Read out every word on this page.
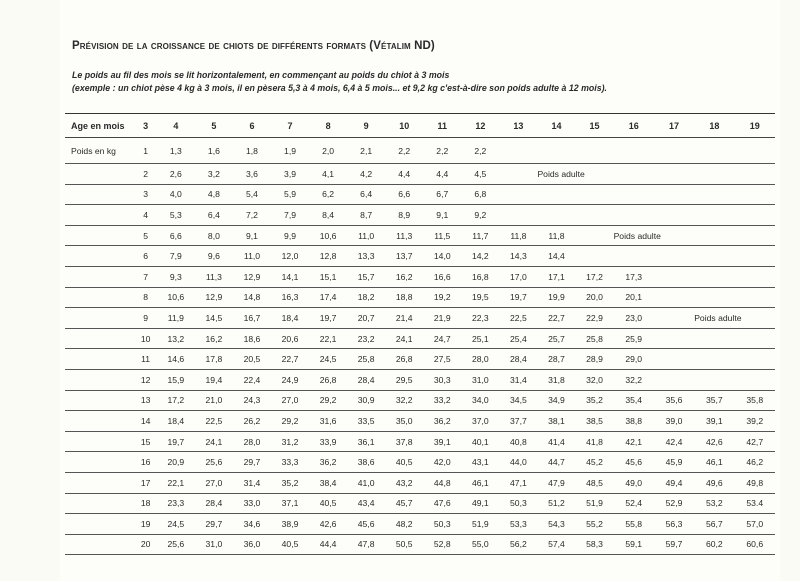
Prévision de la croissance de chiots de différents formats (Vétalim ND)
Le poids au fil des mois se lit horizontalement, en commençant au poids du chiot à 3 mois
(exemple : un chiot pèse 4 kg à 3 mois, il en pèsera 5,3 à 4 mois, 6,4 à 5 mois... et 9,2 kg c'est-à-dire son poids adulte à 12 mois).
Age en mois	3	4	5	6	7	8	9	10	11	12	13	14	15	16	17	18	19
Poids en kg	1	1,3	1,6	1,8	1,9	2,0	2,1	2,2	2,2	2,2							
	2	2,6	3,2	3,6	3,9	4,1	4,2	4,4	4,4	4,5		Poids adulte					
	3	4,0	4,8	5,4	5,9	6,2	6,4	6,6	6,7	6,8							
	4	5,3	6,4	7,2	7,9	8,4	8,7	8,9	9,1	9,2							
	5	6,6	8,0	9,1	9,9	10,6	11,0	11,3	11,5	11,7	11,8	11,8		Poids adulte			
	6	7,9	9,6	11,0	12,0	12,8	13,3	13,7	14,0	14,2	14,3	14,4					
	7	9,3	11,3	12,9	14,1	15,1	15,7	16,2	16,6	16,8	17,0	17,1	17,2	17,3			
	8	10,6	12,9	14,8	16,3	17,4	18,2	18,8	19,2	19,5	19,7	19,9	20,0	20,1			
	9	11,9	14,5	16,7	18,4	19,7	20,7	21,4	21,9	22,3	22,5	22,7	22,9	23,0		Poids adulte	
	10	13,2	16,2	18,6	20,6	22,1	23,2	24,1	24,7	25,1	25,4	25,7	25,8	25,9			
	11	14,6	17,8	20,5	22,7	24,5	25,8	26,8	27,5	28,0	28,4	28,7	28,9	29,0			
	12	15,9	19,4	22,4	24,9	26,8	28,4	29,5	30,3	31,0	31,4	31,8	32,0	32,2			
	13	17,2	21,0	24,3	27,0	29,2	30,9	32,2	33,2	34,0	34,5	34,9	35,2	35,4	35,6	35,7	35,8
	14	18,4	22,5	26,2	29,2	31,6	33,5	35,0	36,2	37,0	37,7	38,1	38,5	38,8	39,0	39,1	39,2
	15	19,7	24,1	28,0	31,2	33,9	36,1	37,8	39,1	40,1	40,8	41,4	41,8	42,1	42,4	42,6	42,7
	16	20,9	25,6	29,7	33,3	36,2	38,6	40,5	42,0	43,1	44,0	44,7	45,2	45,6	45,9	46,1	46,2
	17	22,1	27,0	31,4	35,2	38,4	41,0	43,2	44,8	46,1	47,1	47,9	48,5	49,0	49,4	49,6	49,8
	18	23,3	28,4	33,0	37,1	40,5	43,4	45,7	47,6	49,1	50,3	51,2	51,9	52,4	52,9	53,2	53.4
	19	24,5	29,7	34,6	38,9	42,6	45,6	48,2	50,3	51,9	53,3	54,3	55,2	55,8	56,3	56,7	57,0
	20	25,6	31,0	36,0	40,5	44,4	47,8	50,5	52,8	55,0	56,2	57,4	58,3	59,1	59,7	60,2	60,6
